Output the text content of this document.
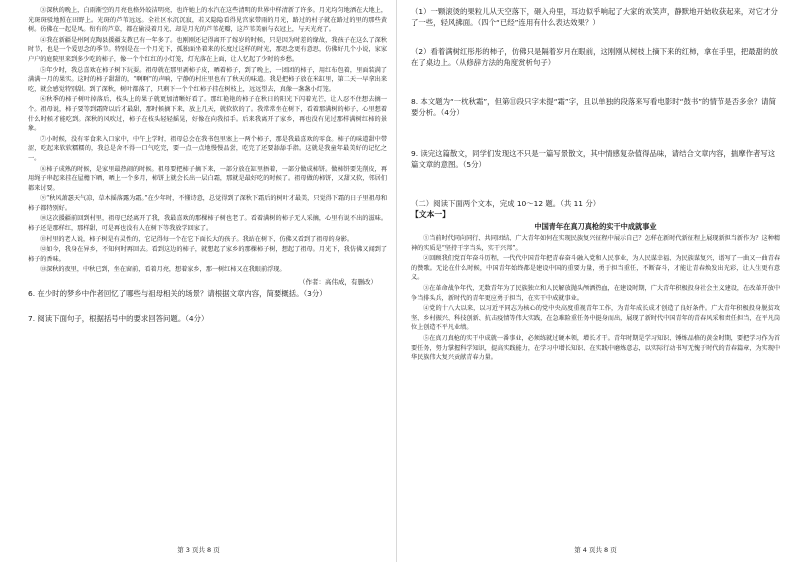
③深秋的晚上，白雨渐空的月亮也格外皎洁明亮，也许她上的水汽在这些清明的世界中样清新了许多。月光均匀地洒在大地上，光斑斑驳地照在田野上。光斑的芦苇远远。全社区水沉沉寂，若又隐隐看得见宫家带雨的月光，路过的村子就在路过的里的那些黄树。彷佛在一起是凤。衔有的芦草，都在偷浸着月光，却是月光的芦苇花瓣，这芦苇美丽与衣冠上，与天光亮了。

④我在新疆是州阿克陶县援疆支教已有一年多了。也刚刚还记得离开了嫁岁的时候，只是因为时差的缘故，我孩子在这么了深秋时节，也是一个爱思念的季节。特别是在一个月光下，孤独面坐着来的长度过这样的时光，那思念更有意思，仿佛好几个小说，家家户户的庭院里来到多少吃的柿子，像一个个红红的小灯笼，灯光落在上面，让人忆起了少时的乡愁。

⑤年少时，我总喜欢在柿子树下玩耍。祖母就在那里剥柿子皮，晒着柿子，到了晚上，一团团的柿子，用红布包着，里面装满了满满一月的果实。这时的柿子甜甜的，“啊啊”的声响，宁静的村庄里也有了秋天的味道。我是把柿子放在米缸里，第二天一早拿出来吃，就会感觉特别甜。到了深秋，树叶都落了，只剩下一个个红柿子挂在树枝上，远远望去，真像一盏盏小灯笼。

⑥秋季的柿子树叶掉落后，枝头上的果子就更加清晰好看了。那红艳艳的柿子在秋日的阳光下闪着光芒，让人忍不住想去摘一个。祖母说，柿子要等到霜降以后才最甜，那时候摘下来，放上几天，就软软的了。我常常坐在树下，看着那满树的柿子，心里想着什么时候才能吃到。深秋的风吹过，柿子在枝头轻轻摇晃，好像在向我招手。后来我离开了家乡，再也没有见过那样满树红柿的景象。

⑦小时候，没有零食来入口家中，中午上学时，祖母总会在我书包里塞上一两个柿子，那是我最喜欢的零食。柿子的味道甜中带涩，吃起来软软糯糯的，我总是舍不得一口气吃完，要一点一点地慢慢品尝，吃完了还要舔舔手指。这就是我童年最美好的记忆之一。

⑧柿子成熟的时候，是家里最热闹的时候。祖母要把柿子摘下来，一部分放在缸里捂着，一部分做成柿饼。做柿饼要先削皮，再用绳子串起来挂在屋檐下晒，晒上一个多月，柿饼上就会长出一层白霜，那就是最好吃的时候了。祖母做的柿饼，又甜又软，邻居们都来讨要。

⑨“秋风萧瑟天气凉，草木摇落露为霜。”在少年时，不懂诗意，总觉得到了深秋下霜后的树叶才最美，只觉得下霜的日子里祖母和柿子都特别好。

⑩这次援疆前回到村里，祖母已经离开了我，我最喜欢的那棵柿子树也老了。看着满树的柿子无人采摘，心里有说不出的滋味。柿子还是那样红，那样甜，可是再也没有人在树下等我放学回家了。

⑪村里的老人说，柿子树是有灵性的，它记得每一个在它下面长大的孩子。我站在树下，仿佛又看到了祖母的身影。

⑫如今，我身在异乡，不知何时再回去。看到这边的柿子，就想起了家乡的那棵柿子树，想起了祖母。月光下，我仿佛又闻到了柿子的香味。

⑬深秋的夜里，中秋已到，坐在窗前，看着月亮，想着家乡，那一树红柿又在我眼前浮现。

（作者：高伟成，有删改）

6. 在少时的梦乡中作者回忆了哪些与祖母相关的场景？请根据文章内容，简要概括。（3分）

7. 阅读下面句子，根据括号中的要求回答问题。（4分）

第 3 页共 8 页

（1）一颗滚烫的果粒儿从天空落下，砸入舟里，耳边似乎响起了大家的欢笑声，静默地开始收获起来，对它才分了一些，轻风拂面。（四个“已经”连用有什么表达效果？）

（2）看着满树红彤彤的柿子，仿佛只是隔着岁月在眼前，这刚刚从树枝上摘下来的红柿，拿在手里，把最甜的放在了桌边上。（从修辞方法的角度赏析句子）

8. 本文题为“一枕秋霜”，但第⑪段只字未提“霜”字，且以单独的段落来写看电影时“鼓书”的情节是否多余？请简要分析。（4分）

9. 读完这篇散文，同学们发现这不只是一篇写景散文，其中情感复杂值得品味，请结合文章内容，揣摩作者写这篇文章的意图。（5分）

（二）阅读下面两个文本，完成 10～12 题。（共 11 分）

【文本一】

中国青年在真刀真枪的实干中成就事业

①当前时代同向同行、共同团结、广大青年如何在实现民族复兴征程中展示自己？怎样在新时代新征程上展现新担当新作为？这种精神的实质是“坚持干字当头，实干兴邦”。

②回顾我们党百年奋斗历程，一代代中国青年把青春奋斗融入党和人民事业，为人民谋幸福、为民族谋复兴，谱写了一曲又一曲青春的赞歌。无论在什么时候，中国青年始终都是建设中国的重要力量，勇于担当重任，不断奋斗，才能让青春焕发出光彩，让人生更有意义。

③在革命战争年代，无数青年为了民族独立和人民解放抛头颅洒热血，在建设时期，广大青年积极投身社会主义建设，在改革开放中争当排头兵，新时代的青年更应勇于担当，在实干中成就事业。

④党的十八大以来，以习近平同志为核心的党中央高度重视青年工作，为青年成长成才创造了良好条件。广大青年积极投身脱贫攻坚、乡村振兴、科技创新、抗击疫情等伟大实践，在急难险重任务中挺身而出，展现了新时代中国青年的青春风采和责任担当，在平凡岗位上创造不平凡业绩。

⑤在真刀真枪的实干中成就一番事业，必须练就过硬本领，增长才干。青年时期是学习知识、锤炼品格的黄金时期，要把学习作为首要任务，努力掌握科学知识，提高实践能力，在学习中增长知识、在实践中磨炼意志，以实际行动书写无愧于时代的青春篇章，为实现中华民族伟大复兴贡献青春力量。

第 4 页共 8 页
